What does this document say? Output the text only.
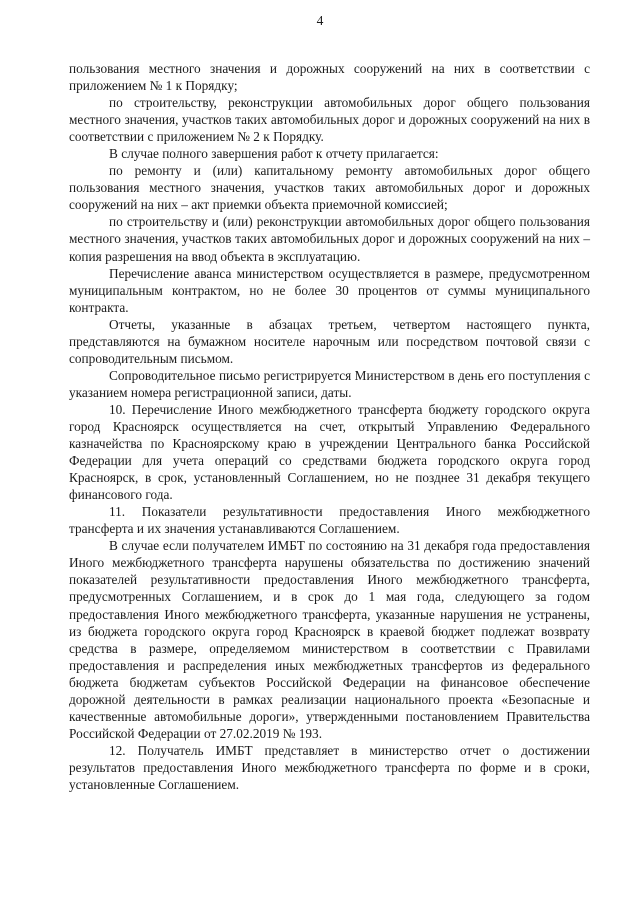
4

пользования местного значения и дорожных сооружений на них в соответствии с приложением № 1 к Порядку;

по строительству, реконструкции автомобильных дорог общего пользования местного значения, участков таких автомобильных дорог и дорожных сооружений на них в соответствии с приложением № 2 к Порядку.

В случае полного завершения работ к отчету прилагается:

по ремонту и (или) капитальному ремонту автомобильных дорог общего пользования местного значения, участков таких автомобильных дорог и дорожных сооружений на них – акт приемки объекта приемочной комиссией;

по строительству и (или) реконструкции автомобильных дорог общего пользования местного значения, участков таких автомобильных дорог и дорожных сооружений на них – копия разрешения на ввод объекта в эксплуатацию.

Перечисление аванса министерством осуществляется в размере, предусмотренном муниципальным контрактом, но не более 30 процентов от суммы муниципального контракта.

Отчеты, указанные в абзацах третьем, четвертом настоящего пункта, представляются на бумажном носителе нарочным или посредством почтовой связи с сопроводительным письмом.

Сопроводительное письмо регистрируется Министерством в день его поступления с указанием номера регистрационной записи, даты.

10. Перечисление Иного межбюджетного трансферта бюджету городского округа город Красноярск осуществляется на счет, открытый Управлению Федерального казначейства по Красноярскому краю в учреждении Центрального банка Российской Федерации для учета операций со средствами бюджета городского округа город Красноярск, в срок, установленный Соглашением, но не позднее 31 декабря текущего финансового года.

11. Показатели результативности предоставления Иного межбюджетного трансферта и их значения устанавливаются Соглашением.

В случае если получателем ИМБТ по состоянию на 31 декабря года предоставления Иного межбюджетного трансферта нарушены обязательства по достижению значений показателей результативности предоставления Иного межбюджетного трансферта, предусмотренных Соглашением, и в срок до 1 мая года, следующего за годом предоставления Иного межбюджетного трансферта, указанные нарушения не устранены, из бюджета городского округа город Красноярск в краевой бюджет подлежат возврату средства в размере, определяемом министерством в соответствии с Правилами предоставления и распределения иных межбюджетных трансфертов из федерального бюджета бюджетам субъектов Российской Федерации на финансовое обеспечение дорожной деятельности в рамках реализации национального проекта «Безопасные и качественные автомобильные дороги», утвержденными постановлением Правительства Российской Федерации от 27.02.2019 № 193.

12. Получатель ИМБТ представляет в министерство отчет о достижении результатов предоставления Иного межбюджетного трансферта по форме и в сроки, установленные Соглашением.
